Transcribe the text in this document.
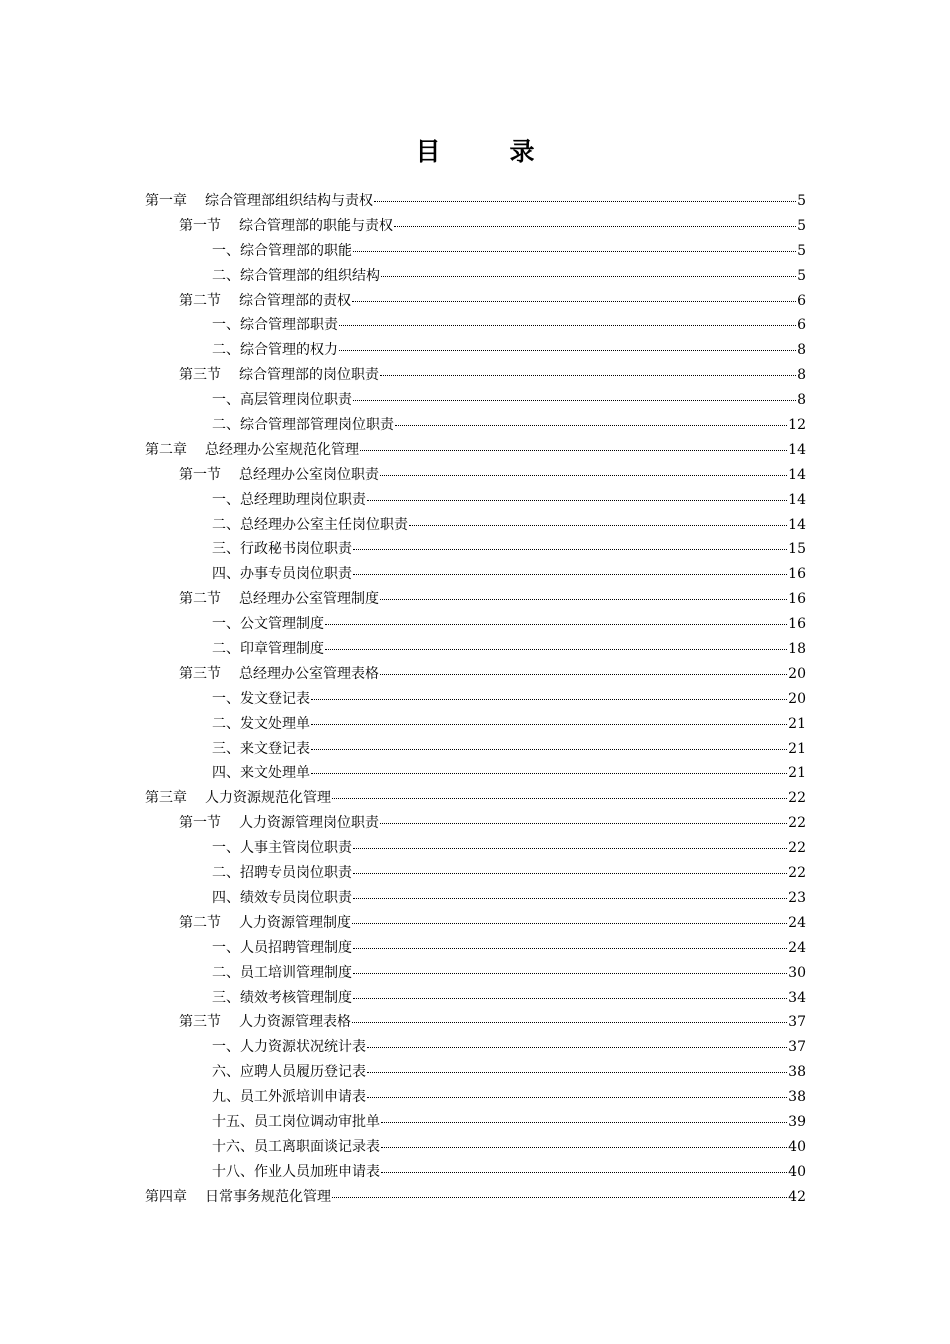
目　录
第一章 综合管理部组织结构与责权	5
第一节 综合管理部的职能与责权	5
一、综合管理部的职能	5
二、综合管理部的组织结构	5
第二节 综合管理部的责权	6
一、综合管理部职责	6
二、综合管理的权力	8
第三节 综合管理部的岗位职责	8
一、高层管理岗位职责	8
二、综合管理部管理岗位职责	12
第二章 总经理办公室规范化管理	14
第一节 总经理办公室岗位职责	14
一、总经理助理岗位职责	14
二、总经理办公室主任岗位职责	14
三、行政秘书岗位职责	15
四、办事专员岗位职责	16
第二节 总经理办公室管理制度	16
一、公文管理制度	16
二、印章管理制度	18
第三节 总经理办公室管理表格	20
一、发文登记表	20
二、发文处理单	21
三、来文登记表	21
四、来文处理单	21
第三章 人力资源规范化管理	22
第一节 人力资源管理岗位职责	22
一、人事主管岗位职责	22
二、招聘专员岗位职责	22
四、绩效专员岗位职责	23
第二节 人力资源管理制度	24
一、人员招聘管理制度	24
二、员工培训管理制度	30
三、绩效考核管理制度	34
第三节 人力资源管理表格	37
一、人力资源状况统计表	37
六、应聘人员履历登记表	38
九、员工外派培训申请表	38
十五、员工岗位调动审批单	39
十六、员工离职面谈记录表	40
十八、作业人员加班申请表	40
第四章 日常事务规范化管理	42
